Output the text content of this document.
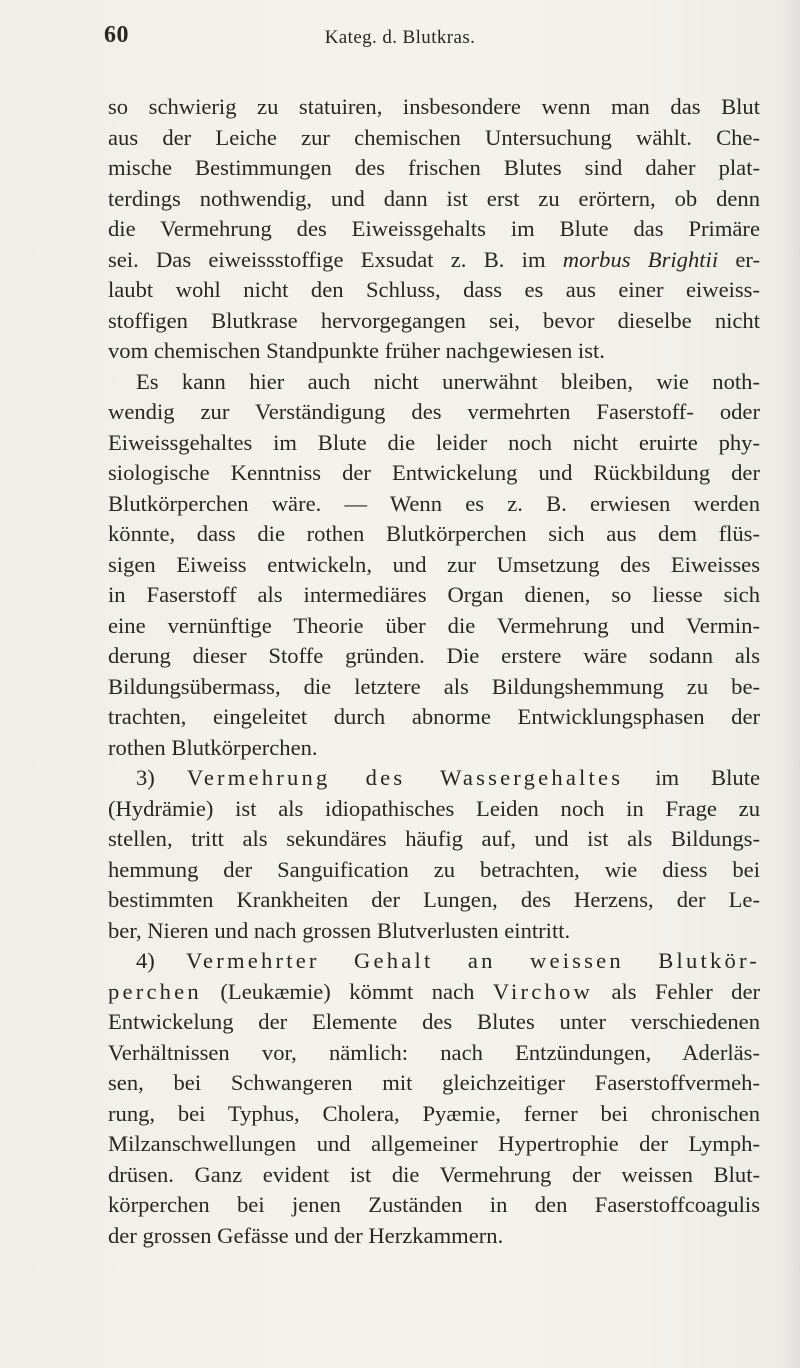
60	Kateg. d. Blutkras.
so schwierig zu statuiren, insbesondere wenn man das Blut
aus der Leiche zur chemischen Untersuchung wählt. Che-
mische Bestimmungen des frischen Blutes sind daher plat-
terdings nothwendig, und dann ist erst zu erörtern, ob denn
die Vermehrung des Eiweissgehalts im Blute das Primäre
sei. Das eiweissstoffige Exsudat z. B. im morbus Brightii er-
laubt wohl nicht den Schluss, dass es aus einer eiweiss-
stoffigen Blutkrase hervorgegangen sei, bevor dieselbe nicht
vom chemischen Standpunkte früher nachgewiesen ist.
Es kann hier auch nicht unerwähnt bleiben, wie noth-
wendig zur Verständigung des vermehrten Faserstoff- oder
Eiweissgehaltes im Blute die leider noch nicht eruirte phy-
siologische Kenntniss der Entwickelung und Rückbildung der
Blutkörperchen wäre. — Wenn es z. B. erwiesen werden
könnte, dass die rothen Blutkörperchen sich aus dem flüs-
sigen Eiweiss entwickeln, und zur Umsetzung des Eiweisses
in Faserstoff als intermediäres Organ dienen, so liesse sich
eine vernünftige Theorie über die Vermehrung und Vermin-
derung dieser Stoffe gründen. Die erstere wäre sodann als
Bildungsübermass, die letztere als Bildungshemmung zu be-
trachten, eingeleitet durch abnorme Entwicklungsphasen der
rothen Blutkörperchen.
3) Vermehrung des Wassergehaltes im Blute
(Hydrämie) ist als idiopathisches Leiden noch in Frage zu
stellen, tritt als sekundäres häufig auf, und ist als Bildungs-
hemmung der Sanguification zu betrachten, wie diess bei
bestimmten Krankheiten der Lungen, des Herzens, der Le-
ber, Nieren und nach grossen Blutverlusten eintritt.
4) Vermehrter Gehalt an weissen Blutkör-
perchen (Leukæmie) kömmt nach Virchow als Fehler der
Entwickelung der Elemente des Blutes unter verschiedenen
Verhältnissen vor, nämlich: nach Entzündungen, Aderläs-
sen, bei Schwangeren mit gleichzeitiger Faserstoffvermeh-
rung, bei Typhus, Cholera, Pyæmie, ferner bei chronischen
Milzanschwellungen und allgemeiner Hypertrophie der Lymph-
drüsen. Ganz evident ist die Vermehrung der weissen Blut-
körperchen bei jenen Zuständen in den Faserstoffcoagulis
der grossen Gefässe und der Herzkammern.
